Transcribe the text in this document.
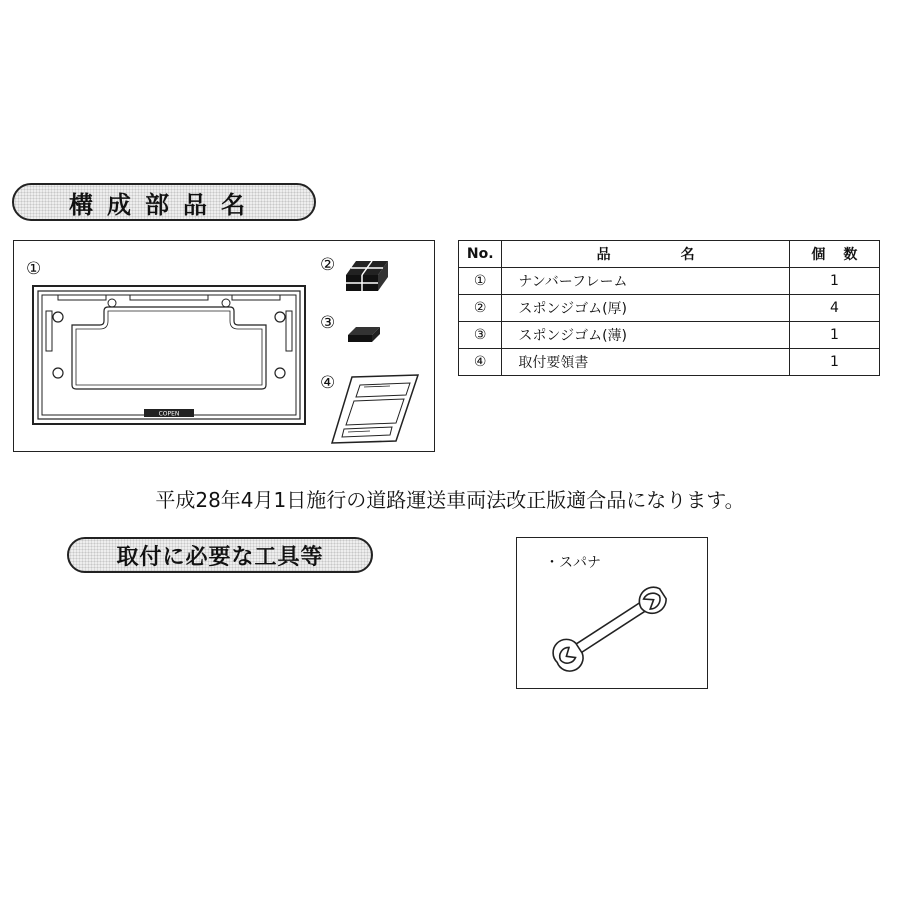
構成部品名
①	②
③
④
COPEN
No.	品名	個数
①	ナンバーフレーム	1
②	スポンジゴム(厚)	4
③	スポンジゴム(薄)	1
④	取付要領書	1
平成28年4月1日施行の道路運送車両法改正版適合品になります。
取付に必要な工具等	・スパナ
